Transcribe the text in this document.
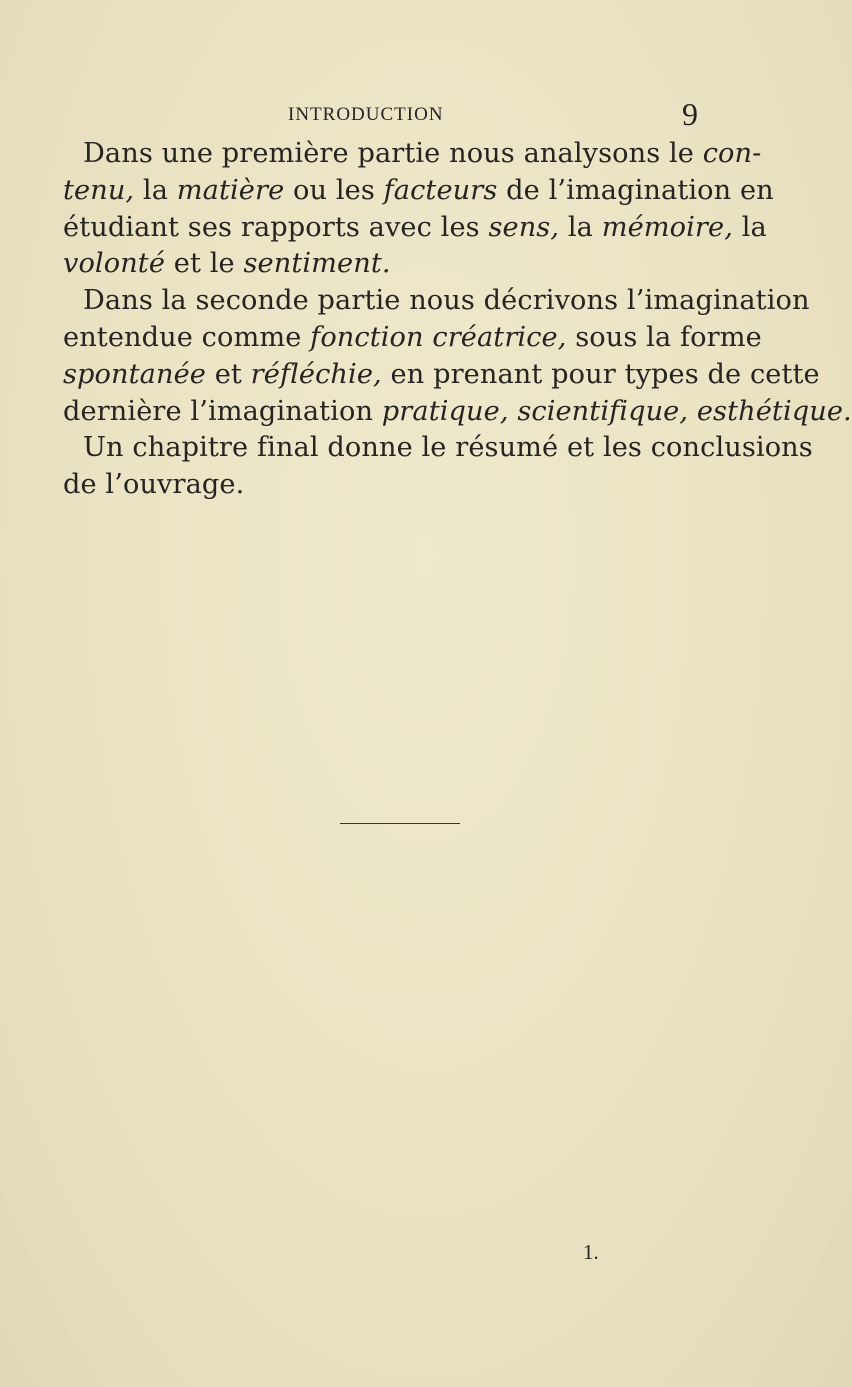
INTRODUCTION	9

Dans une première partie nous analysons le con-
tenu, la matière ou les facteurs de l’imagination en
étudiant ses rapports avec les sens, la mémoire, la
volonté et le sentiment.

Dans la seconde partie nous décrivons l’imagination
entendue comme fonction créatrice, sous la forme
spontanée et réfléchie, en prenant pour types de cette
dernière l’imagination pratique, scientifique, esthétique.

Un chapitre final donne le résumé et les conclusions
de l’ouvrage.

1.
